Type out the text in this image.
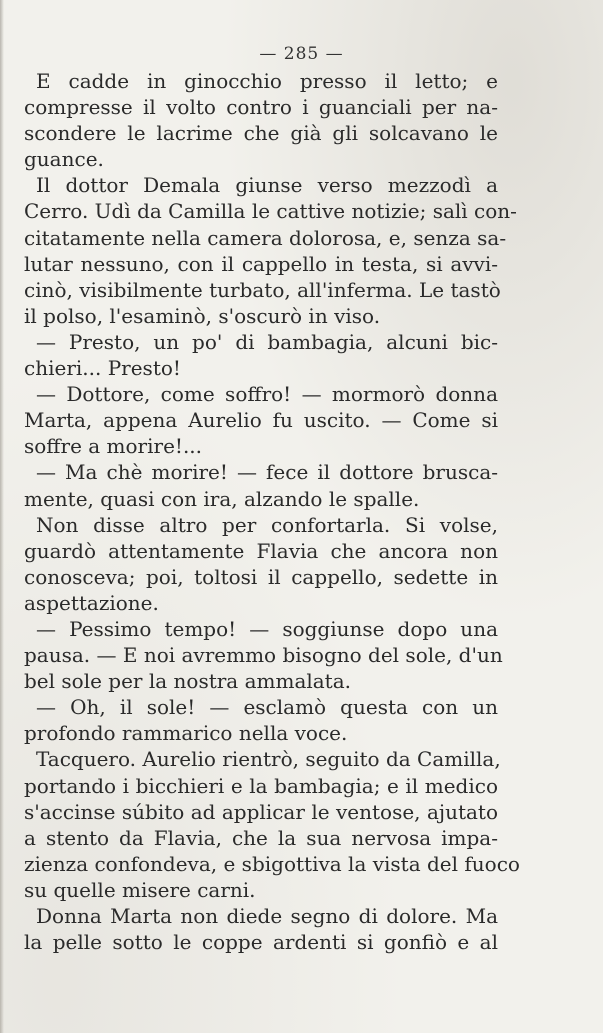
— 285 —
E cadde in ginocchio presso il letto; e
compresse il volto contro i guanciali per na-
scondere le lacrime che già gli solcavano le
guance.
Il dottor Demala giunse verso mezzodì a
Cerro. Udì da Camilla le cattive notizie; salì con-
citatamente nella camera dolorosa, e, senza sa-
lutar nessuno, con il cappello in testa, si avvi-
cinò, visibilmente turbato, all'inferma. Le tastò
il polso, l'esaminò, s'oscurò in viso.
— Presto, un po' di bambagia, alcuni bic-
chieri... Presto!
— Dottore, come soffro! — mormorò donna
Marta, appena Aurelio fu uscito. — Come si
soffre a morire!...
— Ma chè morire! — fece il dottore brusca-
mente, quasi con ira, alzando le spalle.
Non disse altro per confortarla. Si volse,
guardò attentamente Flavia che ancora non
conosceva; poi, toltosi il cappello, sedette in
aspettazione.
— Pessimo tempo! — soggiunse dopo una
pausa. — E noi avremmo bisogno del sole, d'un
bel sole per la nostra ammalata.
— Oh, il sole! — esclamò questa con un
profondo rammarico nella voce.
Tacquero. Aurelio rientrò, seguito da Camilla,
portando i bicchieri e la bambagia; e il medico
s'accinse súbito ad applicar le ventose, ajutato
a stento da Flavia, che la sua nervosa impa-
zienza confondeva, e sbigottiva la vista del fuoco
su quelle misere carni.
Donna Marta non diede segno di dolore. Ma
la pelle sotto le coppe ardenti si gonfiò e al
